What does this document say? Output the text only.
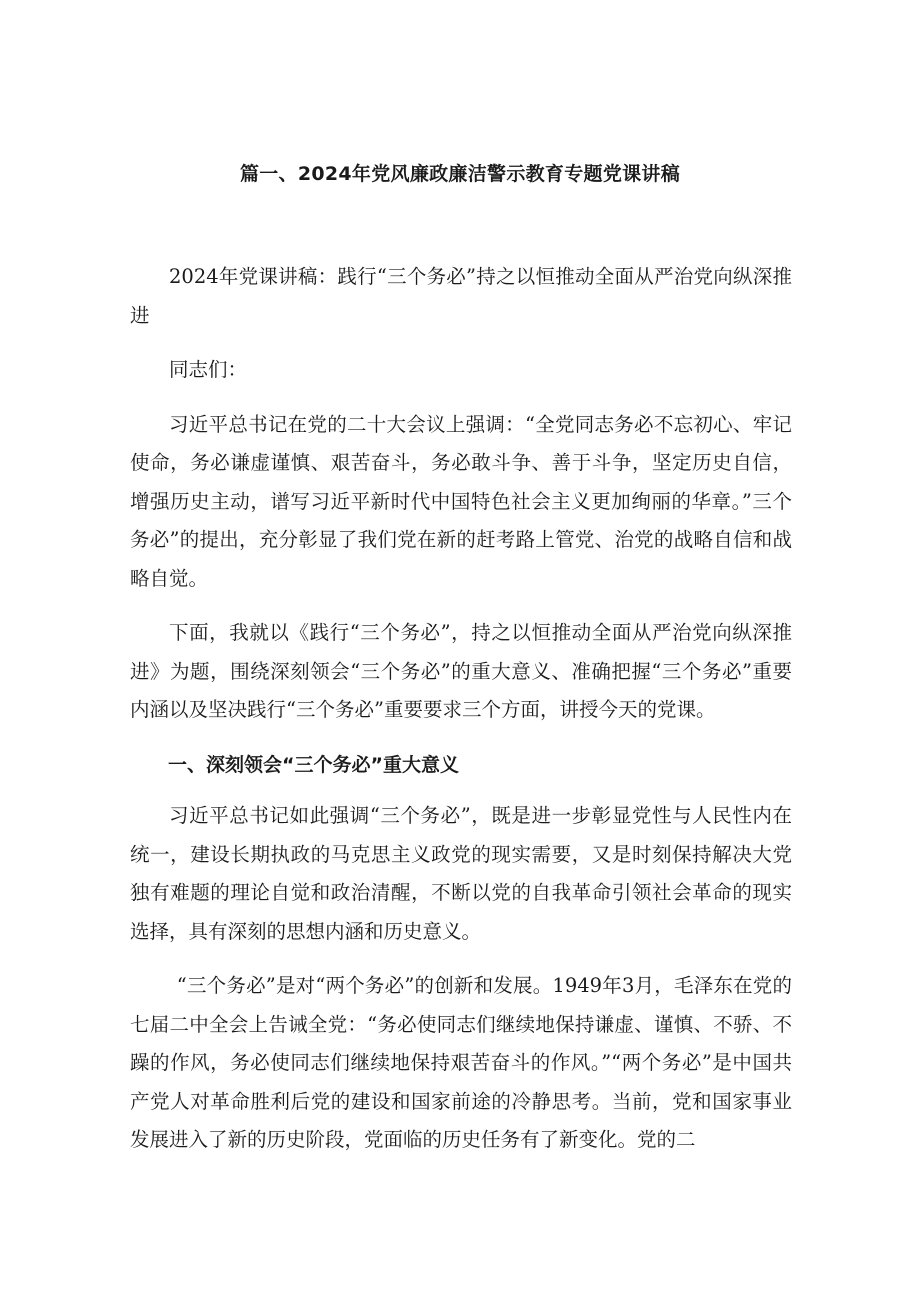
篇一、2024年党风廉政廉洁警示教育专题党课讲稿

2024年党课讲稿：践行“三个务必”持之以恒推动全面从严治党向纵深推进

同志们：

习近平总书记在党的二十大会议上强调：“全党同志务必不忘初心、牢记使命，务必谦虚谨慎、艰苦奋斗，务必敢斗争、善于斗争，坚定历史自信，增强历史主动，谱写习近平新时代中国特色社会主义更加绚丽的华章。”三个务必”的提出，充分彰显了我们党在新的赶考路上管党、治党的战略自信和战略自觉。

下面，我就以《践行“三个务必”，持之以恒推动全面从严治党向纵深推进》为题，围绕深刻领会“三个务必”的重大意义、准确把握“三个务必”重要内涵以及坚决践行“三个务必”重要要求三个方面，讲授今天的党课。

一、深刻领会“三个务必”重大意义

习近平总书记如此强调“三个务必”，既是进一步彰显党性与人民性内在统一，建设长期执政的马克思主义政党的现实需要，又是时刻保持解决大党独有难题的理论自觉和政治清醒，不断以党的自我革命引领社会革命的现实选择，具有深刻的思想内涵和历史意义。

“三个务必”是对“两个务必”的创新和发展。1949年3月，毛泽东在党的七届二中全会上告诫全党：“务必使同志们继续地保持谦虚、谨慎、不骄、不躁的作风，务必使同志们继续地保持艰苦奋斗的作风。”“两个务必”是中国共产党人对革命胜利后党的建设和国家前途的冷静思考。当前，党和国家事业发展进入了新的历史阶段，党面临的历史任务有了新变化。党的二
